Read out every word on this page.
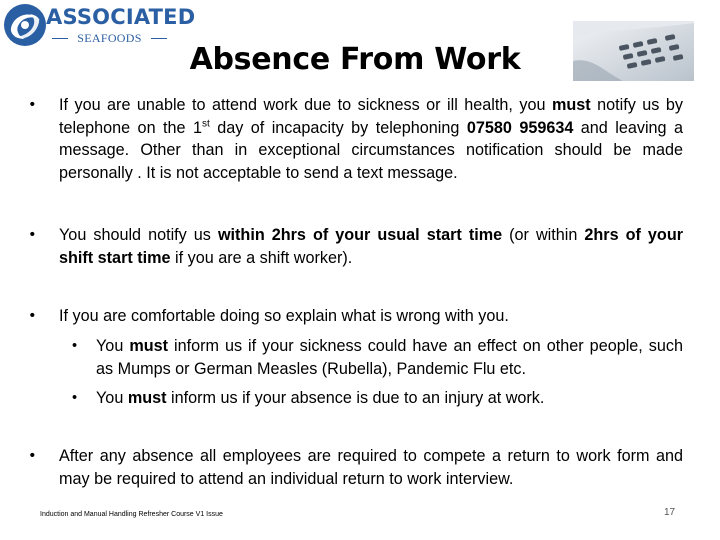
ASSOCIATED
SEAFOODS
Absence From Work
• If you are unable to attend work due to sickness or ill health, you must notify us by telephone on the 1st day of incapacity by telephoning 07580 959634 and leaving a message. Other than in exceptional circumstances notification should be made personally . It is not acceptable to send a text message.
• You should notify us within 2hrs of your usual start time (or within 2hrs of your shift start time if you are a shift worker).
• If you are comfortable doing so explain what is wrong with you.
• You must inform us if your sickness could have an effect on other people, such as Mumps or German Measles (Rubella), Pandemic Flu etc.
• You must inform us if your absence is due to an injury at work.
• After any absence all employees are required to compete a return to work form and may be required to attend an individual return to work interview.
Induction and Manual Handling Refresher Course V1 Issue	17
